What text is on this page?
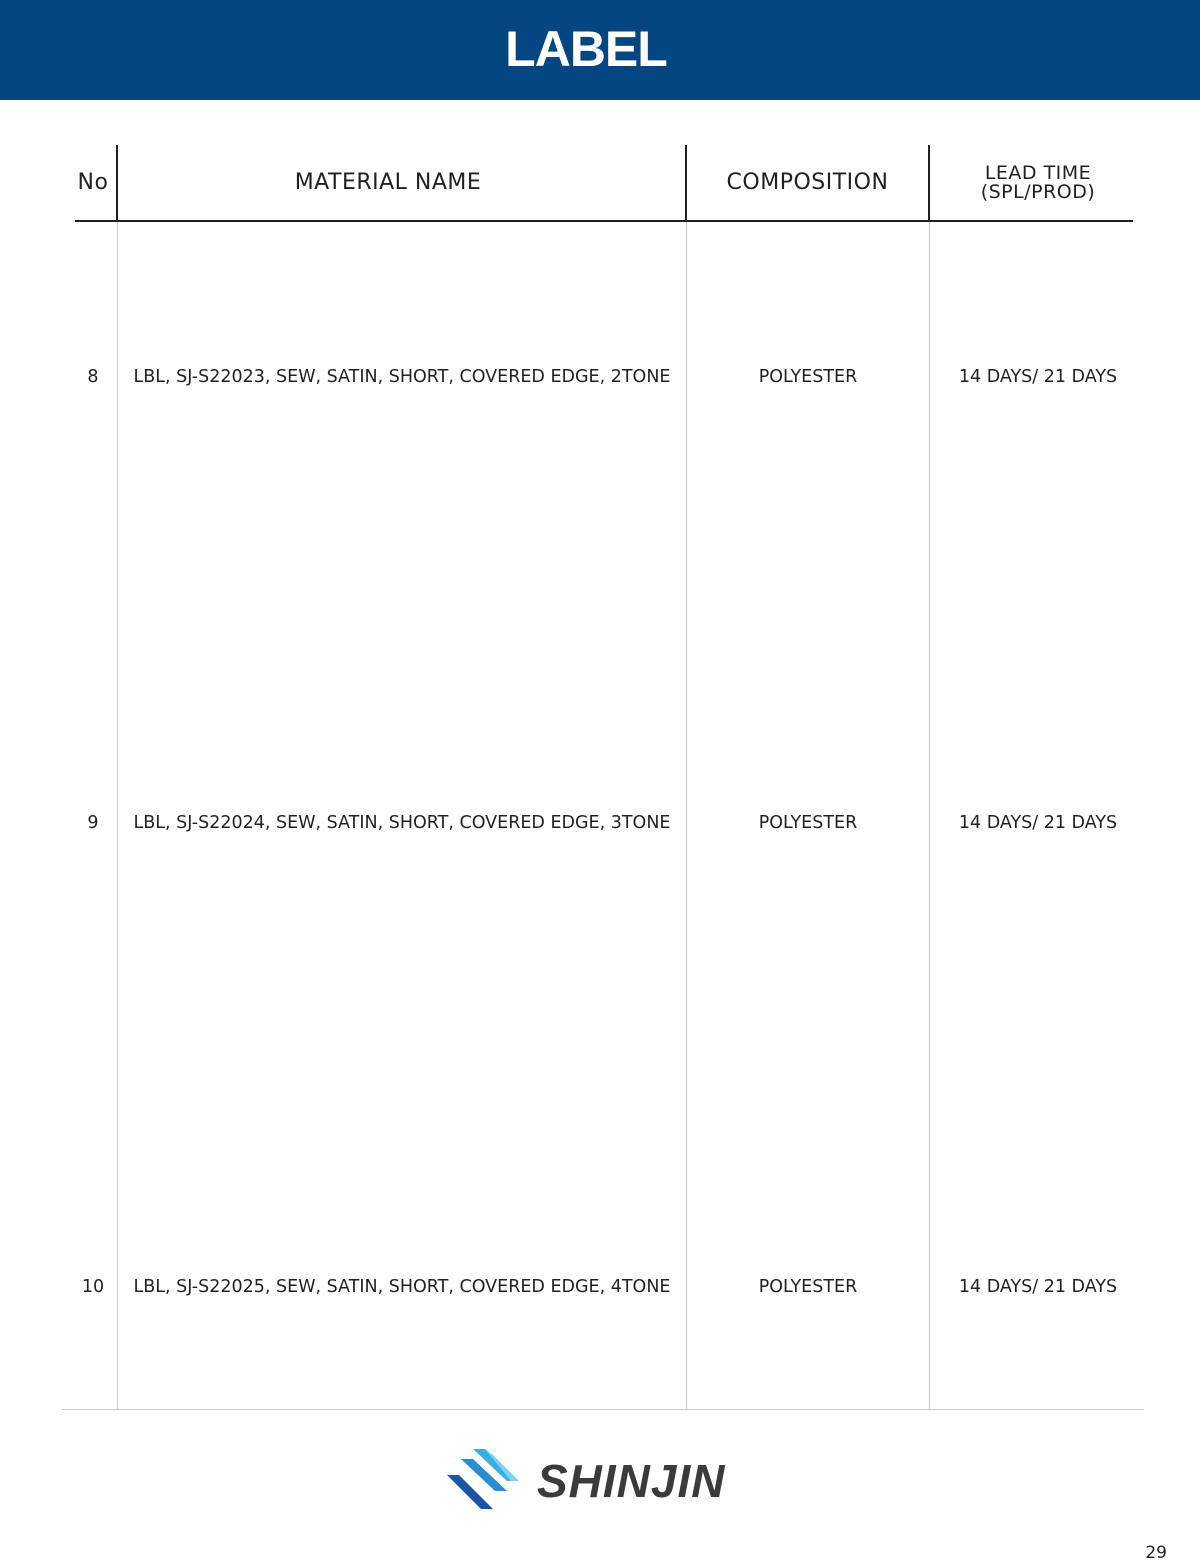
LABEL
No	MATERIAL NAME	COMPOSITION	LEAD TIME
(SPL/PROD)
8	LBL, SJ-S22023, SEW, SATIN, SHORT, COVERED EDGE, 2TONE	POLYESTER	14 DAYS/ 21 DAYS
9	LBL, SJ-S22024, SEW, SATIN, SHORT, COVERED EDGE, 3TONE	POLYESTER	14 DAYS/ 21 DAYS
10	LBL, SJ-S22025, SEW, SATIN, SHORT, COVERED EDGE, 4TONE	POLYESTER	14 DAYS/ 21 DAYS
SHINJIN
29
